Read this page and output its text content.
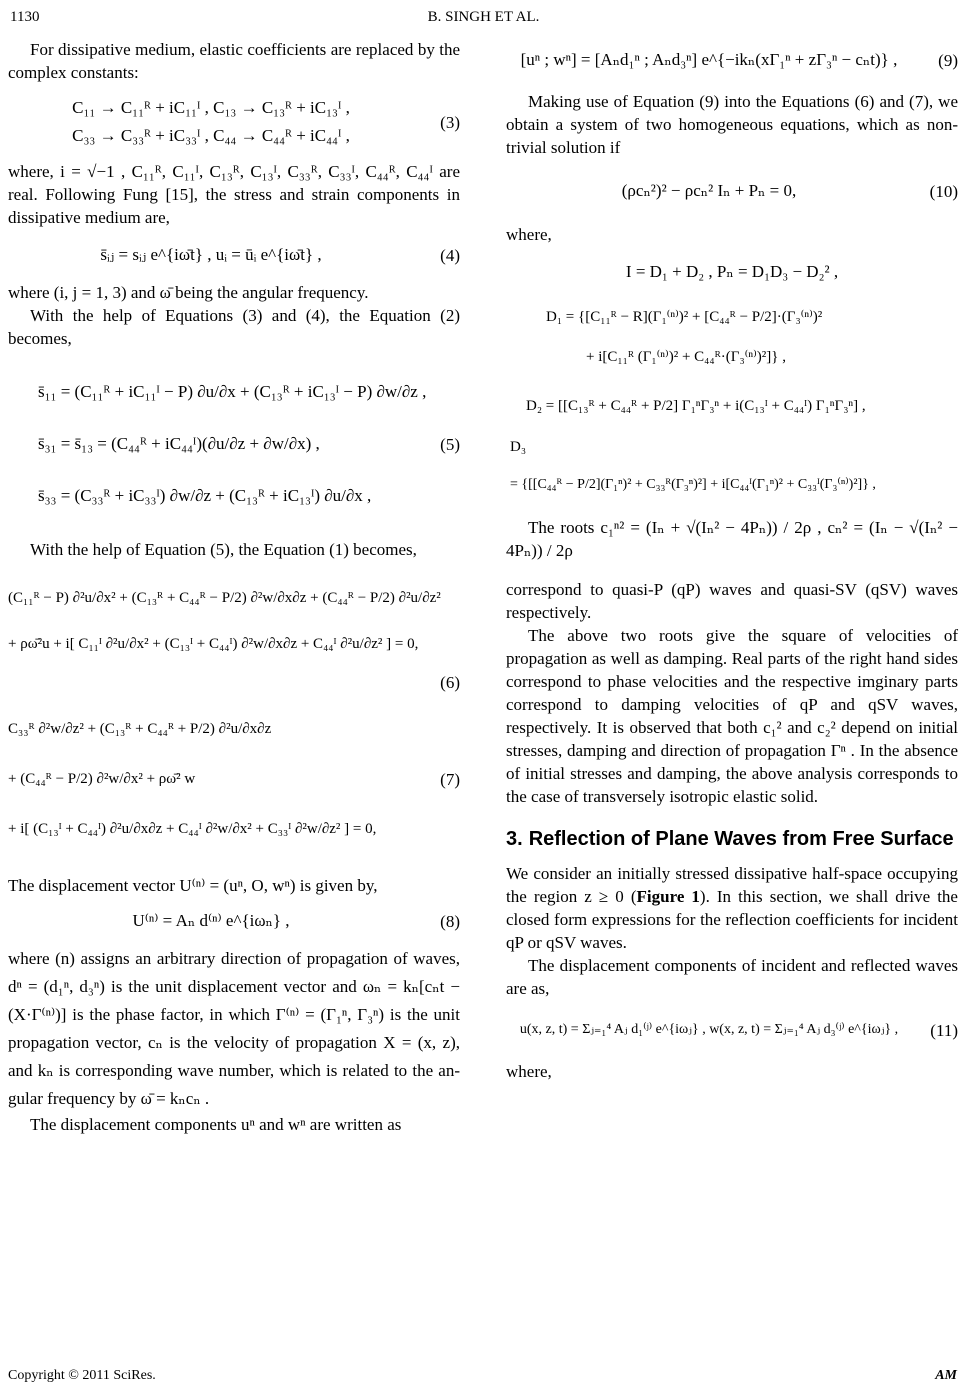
1130	B. SINGH ET AL.

For dissipative medium, elastic coefficients are replaced by the complex constants:

C₁₁ → C₁₁ᴿ + iC₁₁ᴵ , C₁₃ → C₁₃ᴿ + iC₁₃ᴵ ,
C₃₃ → C₃₃ᴿ + iC₃₃ᴵ , C₄₄ → C₄₄ᴿ + iC₄₄ᴵ ,
(3)

where, i = √−1 , C₁₁ᴿ, C₁₁ᴵ, C₁₃ᴿ, C₁₃ᴵ, C₃₃ᴿ, C₃₃ᴵ, C₄₄ᴿ, C₄₄ᴵ are real. Following Fung [15], the stress and strain components in dissipative medium are,

s̄ᵢⱼ = sᵢⱼ e^{iω̄t} , uᵢ = ūᵢ e^{iω̄t} ,	(4)

where (i, j = 1, 3) and ω̄ being the angular frequency.

With the help of Equations (3) and (4), the Equation (2) becomes,

s̄₁₁ = (C₁₁ᴿ + iC₁₁ᴵ − P) ∂u/∂x + (C₁₃ᴿ + iC₁₃ᴵ − P) ∂w/∂z ,
s̄₃₁ = s̄₁₃ = (C₄₄ᴿ + iC₄₄ᴵ)(∂u/∂z + ∂w/∂x) ,
s̄₃₃ = (C₃₃ᴿ + iC₃₃ᴵ) ∂w/∂z + (C₁₃ᴿ + iC₁₃ᴵ) ∂u/∂x ,
(5)

With the help of Equation (5), the Equation (1) becomes,

(C₁₁ᴿ − P) ∂²u/∂x² + (C₁₃ᴿ + C₄₄ᴿ − P/2) ∂²w/∂x∂z + (C₄₄ᴿ − P/2) ∂²u/∂z²
+ ρω̄²u + i[ C₁₁ᴵ ∂²u/∂x² + (C₁₃ᴵ + C₄₄ᴵ) ∂²w/∂x∂z + C₄₄ᴵ ∂²u/∂z² ] = 0,
(6)
C₃₃ᴿ ∂²w/∂z² + (C₁₃ᴿ + C₄₄ᴿ + P/2) ∂²u/∂x∂z
+ (C₄₄ᴿ − P/2) ∂²w/∂x² + ρω̄² w
+ i[ (C₁₃ᴵ + C₄₄ᴵ) ∂²u/∂x∂z + C₄₄ᴵ ∂²w/∂x² + C₃₃ᴵ ∂²w/∂z² ] = 0,
(7)

The displacement vector U⁽ⁿ⁾ = (uⁿ, O, wⁿ) is given by,

U⁽ⁿ⁾ = Aₙ d⁽ⁿ⁾ e^{iωₙ} ,	(8)

where (n) assigns an arbitrary direction of propagation of waves, dⁿ = (d₁ⁿ, d₃ⁿ) is the unit displacement vector and ωₙ = kₙ[cₙt − (X·Γ⁽ⁿ⁾)] is the phase factor, in which Γ⁽ⁿ⁾ = (Γ₁ⁿ, Γ₃ⁿ) is the unit propagation vector, cₙ is the velocity of propagation X = (x, z), and kₙ is corresponding wave number, which is related to the angular frequency by ω̄ = kₙcₙ .

The displacement components uⁿ and wⁿ are written as

[uⁿ ; wⁿ] = [Aₙd₁ⁿ ; Aₙd₃ⁿ] e^{−ikₙ(xΓ₁ⁿ + zΓ₃ⁿ − cₙt)} ,	(9)

Making use of Equation (9) into the Equations (6) and (7), we obtain a system of two homogeneous equations, which as non-trivial solution if

(ρcₙ²)² − ρcₙ² Iₙ + Pₙ = 0,	(10)

where,

I = D₁ + D₂ , Pₙ = D₁D₃ − D₂² ,
D₁ = {[C₁₁ᴿ − R](Γ₁⁽ⁿ⁾)² + [C₄₄ᴿ − P/2]·(Γ₃⁽ⁿ⁾)²
+ i[C₁₁ᴿ (Γ₁⁽ⁿ⁾)² + C₄₄ᴿ·(Γ₃⁽ⁿ⁾)²]} ,
D₂ = [[C₁₃ᴿ + C₄₄ᴿ + P/2] Γ₁ⁿΓ₃ⁿ + i(C₁₃ᴵ + C₄₄ᴵ) Γ₁ⁿΓ₃ⁿ] ,
D₃
= {[[C₄₄ᴿ − P/2](Γ₁ⁿ)² + C₃₃ᴿ(Γ₃ⁿ)²] + i[C₄₄ᴵ(Γ₁ⁿ)² + C₃₃ᴵ(Γ₃⁽ⁿ⁾)²]} ,

The roots c₁ⁿ² = (Iₙ + √(Iₙ² − 4Pₙ)) / 2ρ , cₙ² = (Iₙ − √(Iₙ² − 4Pₙ)) / 2ρ

correspond to quasi-P (qP) waves and quasi-SV (qSV) waves respectively.

The above two roots give the square of velocities of propagation as well as damping. Real parts of the right hand sides correspond to phase velocities and the respective imginary parts correspond to damping velocities of qP and qSV waves, respectively. It is observed that both c₁² and c₂² depend on initial stresses, damping and direction of propagation Γⁿ . In the absence of initial stresses and damping, the above analysis corresponds to the case of transversely isotropic elastic solid.

3. Reflection of Plane Waves from Free Surface

We consider an initially stressed dissipative half-space occupying the region z ≥ 0 (Figure 1). In this section, we shall drive the closed form expressions for the reflection coefficients for incident qP or qSV waves.

The displacement components of incident and reflected waves are as,

u(x, z, t) = Σⱼ₌₁⁴ Aⱼ d₁⁽ʲ⁾ e^{iωⱼ} , w(x, z, t) = Σⱼ₌₁⁴ Aⱼ d₃⁽ʲ⁾ e^{iωⱼ} ,	(11)

where,

Copyright © 2011 SciRes.	AM
